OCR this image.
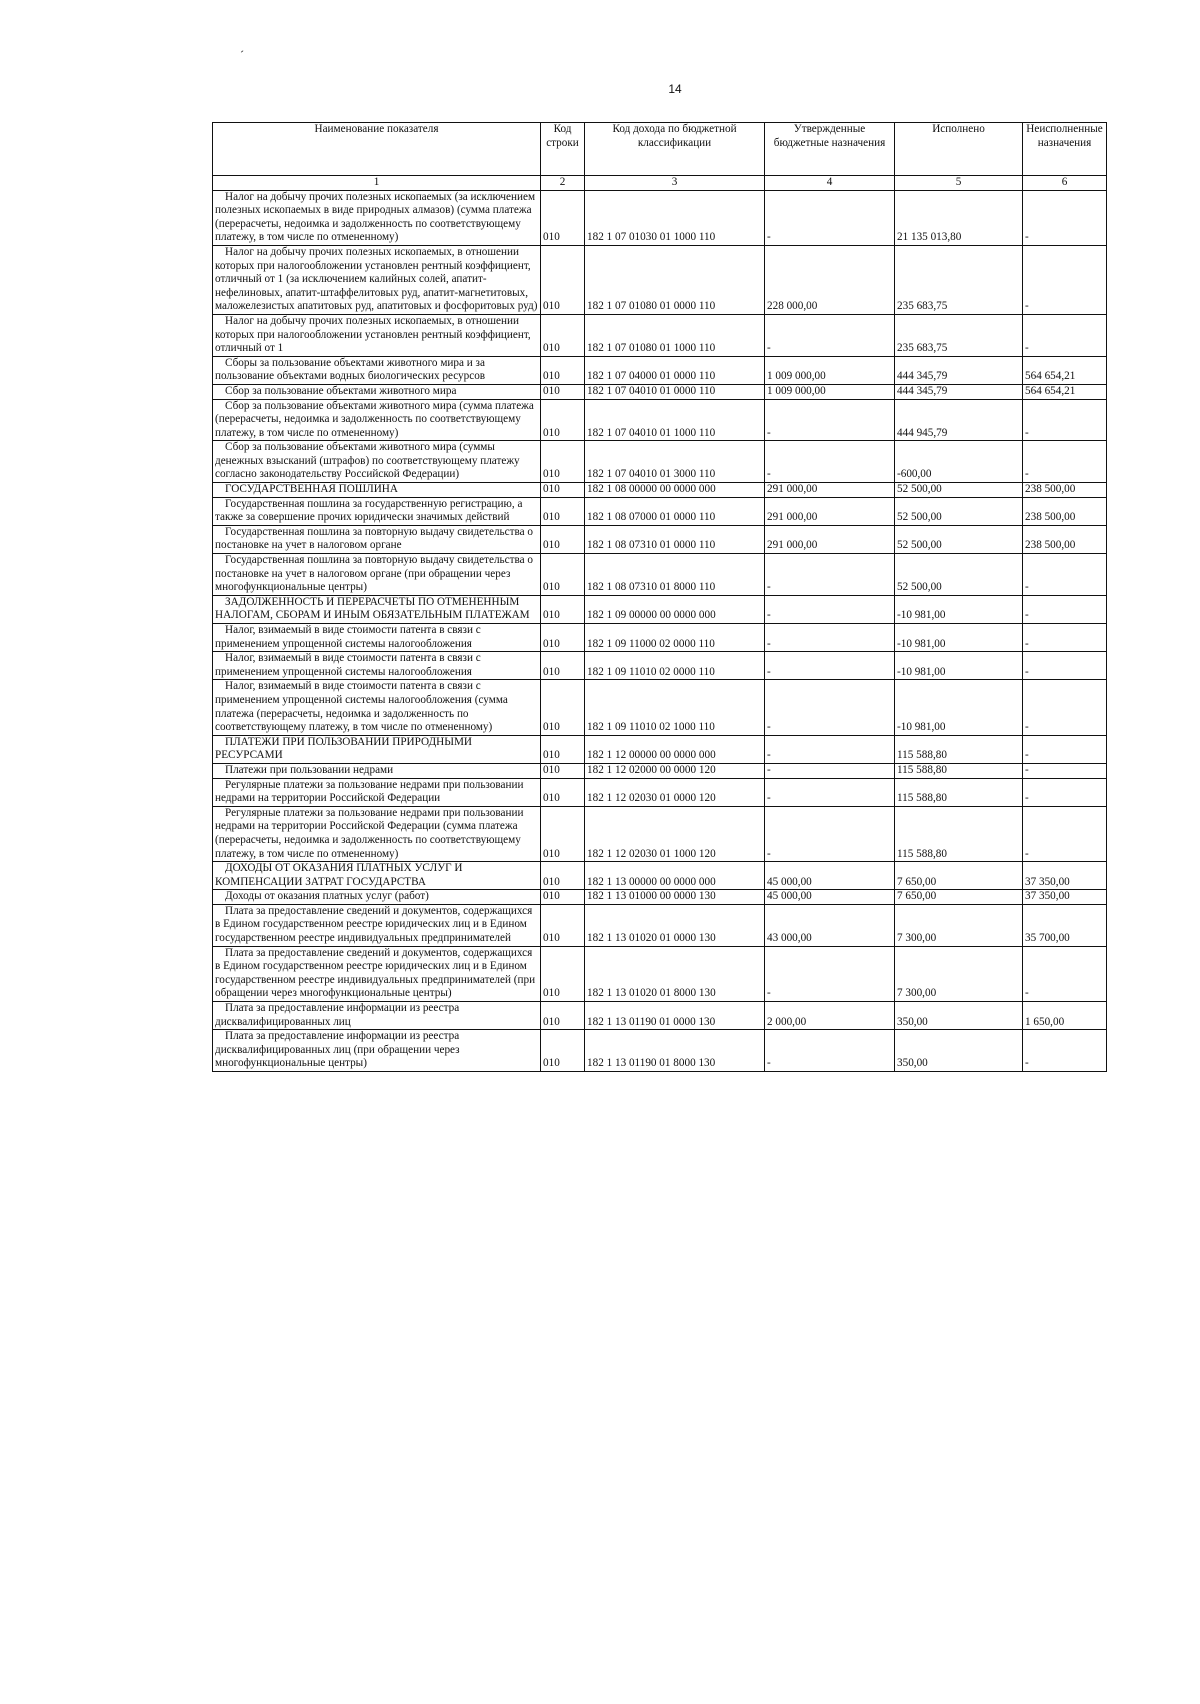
ˊ
14
Наименование показателя	Код строки	Код дохода по бюджетной классификации	Утвержденные бюджетные назначения	Исполнено	Неисполненные назначения
1	2	3	4	5	6
Налог на добычу прочих полезных ископаемых (за исключением полезных ископаемых в виде природных алмазов) (сумма платежа (перерасчеты, недоимка и задолженность по соответствующему платежу, в том числе по отмененному)	010	182 1 07 01030 01 1000 110	-	21 135 013,80	-
Налог на добычу прочих полезных ископаемых, в отношении которых при налогообложении установлен рентный коэффициент, отличный от 1 (за исключением калийных солей, апатит-нефелиновых, апатит-штаффелитовых руд, апатит-магнетитовых, маложелезистых апатитовых руд, апатитовых и фосфоритовых руд)	010	182 1 07 01080 01 0000 110	228 000,00	235 683,75	-
Налог на добычу прочих полезных ископаемых, в отношении которых при налогообложении установлен рентный коэффициент, отличный от 1	010	182 1 07 01080 01 1000 110	-	235 683,75	-
Сборы за пользование объектами животного мира и за пользование объектами водных биологических ресурсов	010	182 1 07 04000 01 0000 110	1 009 000,00	444 345,79	564 654,21
Сбор за пользование объектами животного мира	010	182 1 07 04010 01 0000 110	1 009 000,00	444 345,79	564 654,21
Сбор за пользование объектами животного мира (сумма платежа (перерасчеты, недоимка и задолженность по соответствующему платежу, в том числе по отмененному)	010	182 1 07 04010 01 1000 110	-	444 945,79	-
Сбор за пользование объектами животного мира (суммы денежных взысканий (штрафов) по соответствующему платежу согласно законодательству Российской Федерации)	010	182 1 07 04010 01 3000 110	-	-600,00	-
ГОСУДАРСТВЕННАЯ ПОШЛИНА	010	182 1 08 00000 00 0000 000	291 000,00	52 500,00	238 500,00
Государственная пошлина за государственную регистрацию, а также за совершение прочих юридически значимых действий	010	182 1 08 07000 01 0000 110	291 000,00	52 500,00	238 500,00
Государственная пошлина за повторную выдачу свидетельства о постановке на учет в налоговом органе	010	182 1 08 07310 01 0000 110	291 000,00	52 500,00	238 500,00
Государственная пошлина за повторную выдачу свидетельства о постановке на учет в налоговом органе (при обращении через многофункциональные центры)	010	182 1 08 07310 01 8000 110	-	52 500,00	-
ЗАДОЛЖЕННОСТЬ И ПЕРЕРАСЧЕТЫ ПО ОТМЕНЕННЫМ НАЛОГАМ, СБОРАМ И ИНЫМ ОБЯЗАТЕЛЬНЫМ ПЛАТЕЖАМ	010	182 1 09 00000 00 0000 000	-	-10 981,00	-
Налог, взимаемый в виде стоимости патента в связи с применением упрощенной системы налогообложения	010	182 1 09 11000 02 0000 110	-	-10 981,00	-
Налог, взимаемый в виде стоимости патента в связи с применением упрощенной системы налогообложения	010	182 1 09 11010 02 0000 110	-	-10 981,00	-
Налог, взимаемый в виде стоимости патента в связи с применением упрощенной системы налогообложения (сумма платежа (перерасчеты, недоимка и задолженность по соответствующему платежу, в том числе по отмененному)	010	182 1 09 11010 02 1000 110	-	-10 981,00	-
ПЛАТЕЖИ ПРИ ПОЛЬЗОВАНИИ ПРИРОДНЫМИ РЕСУРСАМИ	010	182 1 12 00000 00 0000 000	-	115 588,80	-
Платежи при пользовании недрами	010	182 1 12 02000 00 0000 120	-	115 588,80	-
Регулярные платежи за пользование недрами при пользовании недрами на территории Российской Федерации	010	182 1 12 02030 01 0000 120	-	115 588,80	-
Регулярные платежи за пользование недрами при пользовании недрами на территории Российской Федерации (сумма платежа (перерасчеты, недоимка и задолженность по соответствующему платежу, в том числе по отмененному)	010	182 1 12 02030 01 1000 120	-	115 588,80	-
ДОХОДЫ ОТ ОКАЗАНИЯ ПЛАТНЫХ УСЛУГ И КОМПЕНСАЦИИ ЗАТРАТ ГОСУДАРСТВА	010	182 1 13 00000 00 0000 000	45 000,00	7 650,00	37 350,00
Доходы от оказания платных услуг (работ)	010	182 1 13 01000 00 0000 130	45 000,00	7 650,00	37 350,00
Плата за предоставление сведений и документов, содержащихся в Едином государственном реестре юридических лиц и в Едином государственном реестре индивидуальных предпринимателей	010	182 1 13 01020 01 0000 130	43 000,00	7 300,00	35 700,00
Плата за предоставление сведений и документов, содержащихся в Едином государственном реестре юридических лиц и в Едином государственном реестре индивидуальных предпринимателей (при обращении через многофункциональные центры)	010	182 1 13 01020 01 8000 130	-	7 300,00	-
Плата за предоставление информации из реестра дисквалифицированных лиц	010	182 1 13 01190 01 0000 130	2 000,00	350,00	1 650,00
Плата за предоставление информации из реестра дисквалифицированных лиц (при обращении через многофункциональные центры)	010	182 1 13 01190 01 8000 130	-	350,00	-
